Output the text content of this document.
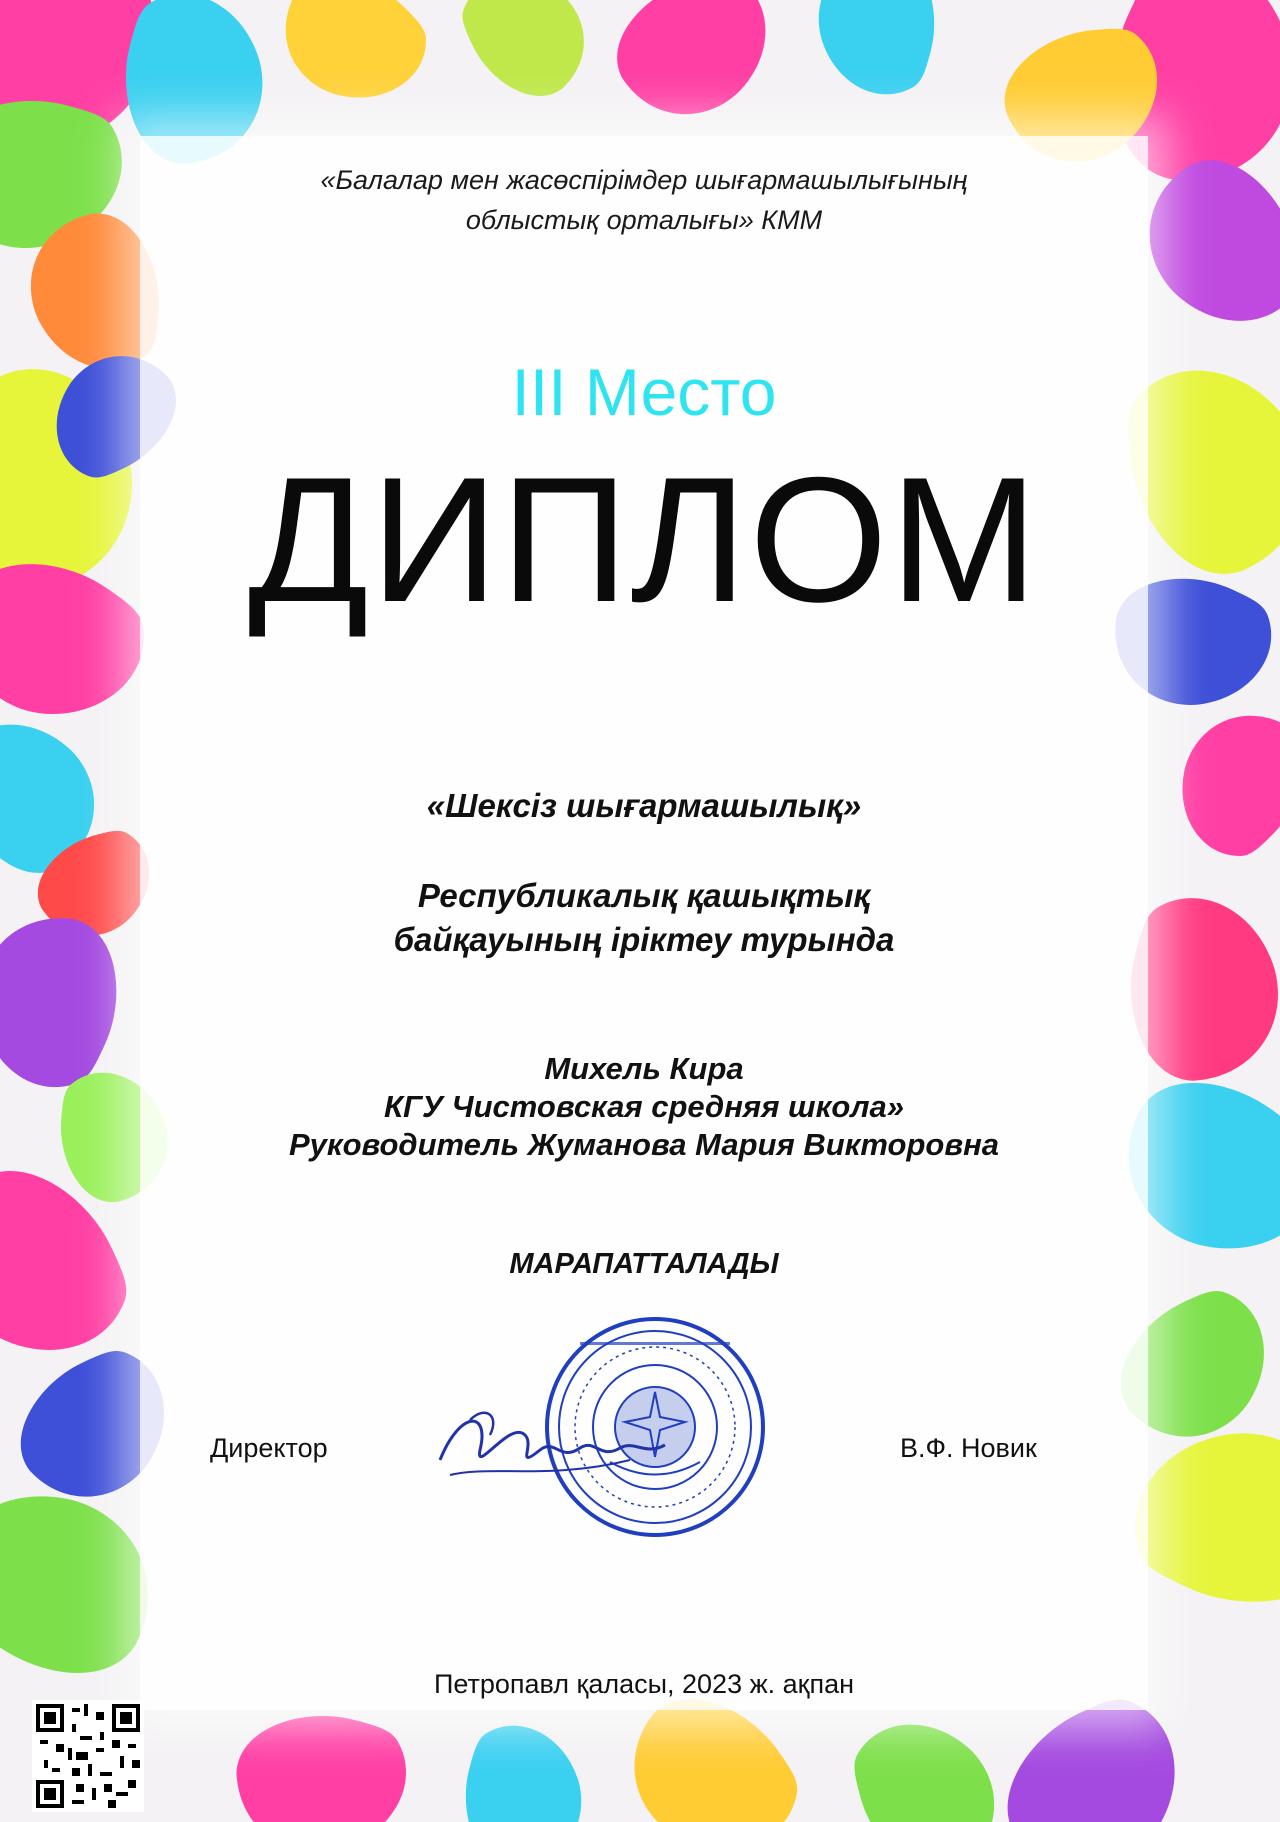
«Балалар мен жасөспірімдер шығармашылығының
облыстық орталығы» КММ
III Место
ДИПЛОМ
«Шексіз шығармашылық»
Республикалық қашықтық
байқауының іріктеу турында
Михель Кира
КГУ Чистовская средняя школа»
Руководитель Жуманова Мария Викторовна
МАРАПАТТАЛАДЫ
Директор	В.Ф. Новик
Петропавл қаласы, 2023 ж. ақпан
